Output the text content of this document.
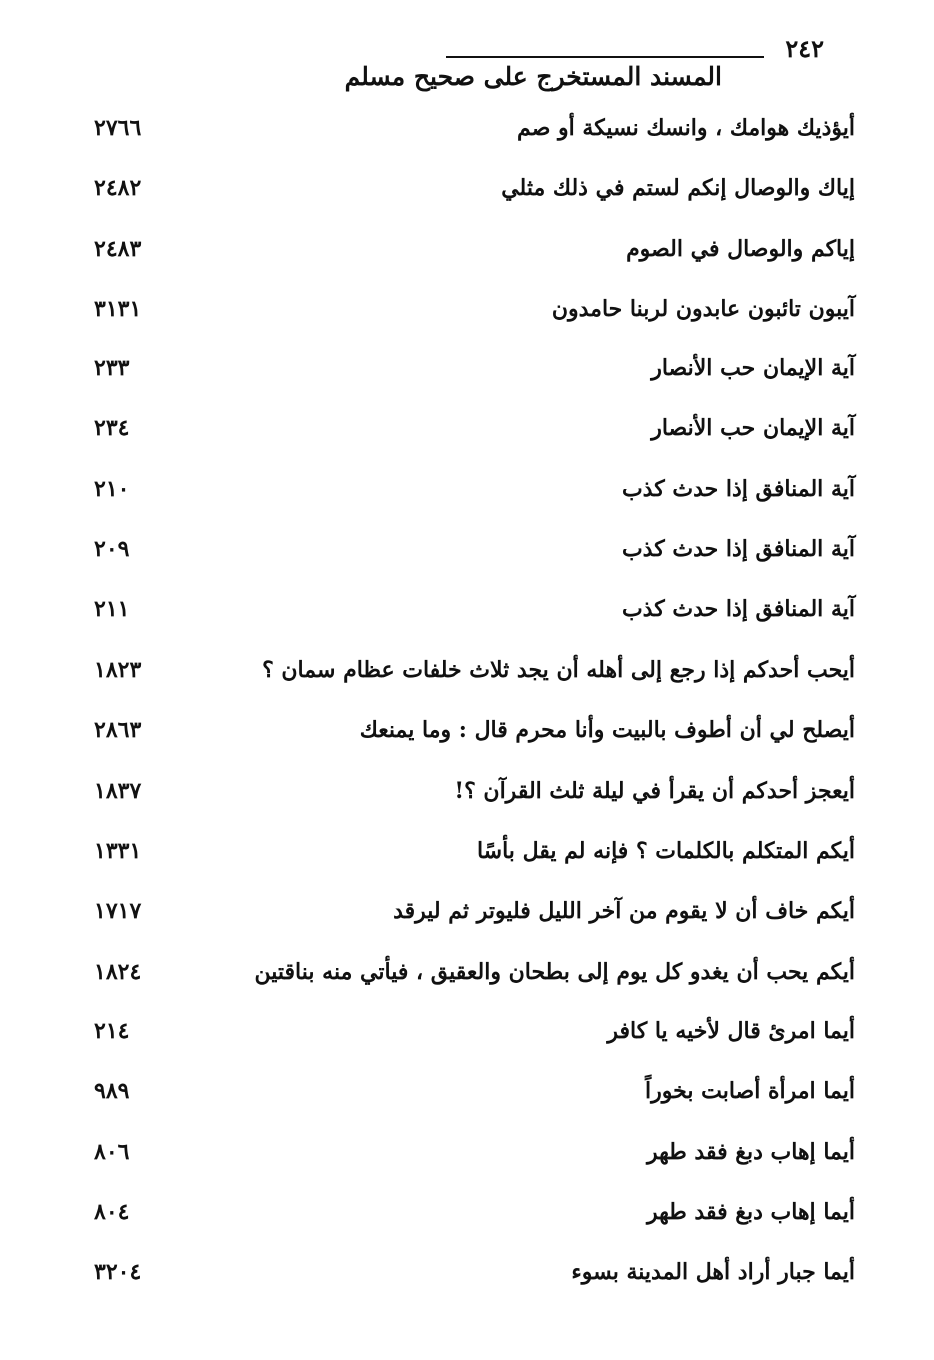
٢٤٢
المسند المستخرج على صحيح مسلم
أيؤذيك هوامك ، وانسك نسيكة أو صم
٢٧٦٦
إياك والوصال إنكم لستم في ذلك مثلي
٢٤٨٢
إياكم والوصال في الصوم
٢٤٨٣
آيبون تائبون عابدون لربنا حامدون
٣١٣١
آية الإيمان حب الأنصار
٢٣٣
آية الإيمان حب الأنصار
٢٣٤
آية المنافق إذا حدث كذب
٢١٠
آية المنافق إذا حدث كذب
٢٠٩
آية المنافق إذا حدث كذب
٢١١
أيحب أحدكم إذا رجع إلى أهله أن يجد ثلاث خلفات عظام سمان ؟
١٨٢٣
أيصلح لي أن أطوف بالبيت وأنا محرم قال : وما يمنعك
٢٨٦٣
أيعجز أحدكم أن يقرأ في ليلة ثلث القرآن ؟!
١٨٣٧
أيكم المتكلم بالكلمات ؟ فإنه لم يقل بأسًا
١٣٣١
أيكم خاف أن لا يقوم من آخر الليل فليوتر ثم ليرقد
١٧١٧
أيكم يحب أن يغدو كل يوم إلى بطحان والعقيق ، فيأتي منه بناقتين
١٨٢٤
أيما امرئ قال لأخيه يا كافر
٢١٤
أيما امرأة أصابت بخوراً
٩٨٩
أيما إهاب دبغ فقد طهر
٨٠٦
أيما إهاب دبغ فقد طهر
٨٠٤
أيما جبار أراد أهل المدينة بسوء
٣٢٠٤
